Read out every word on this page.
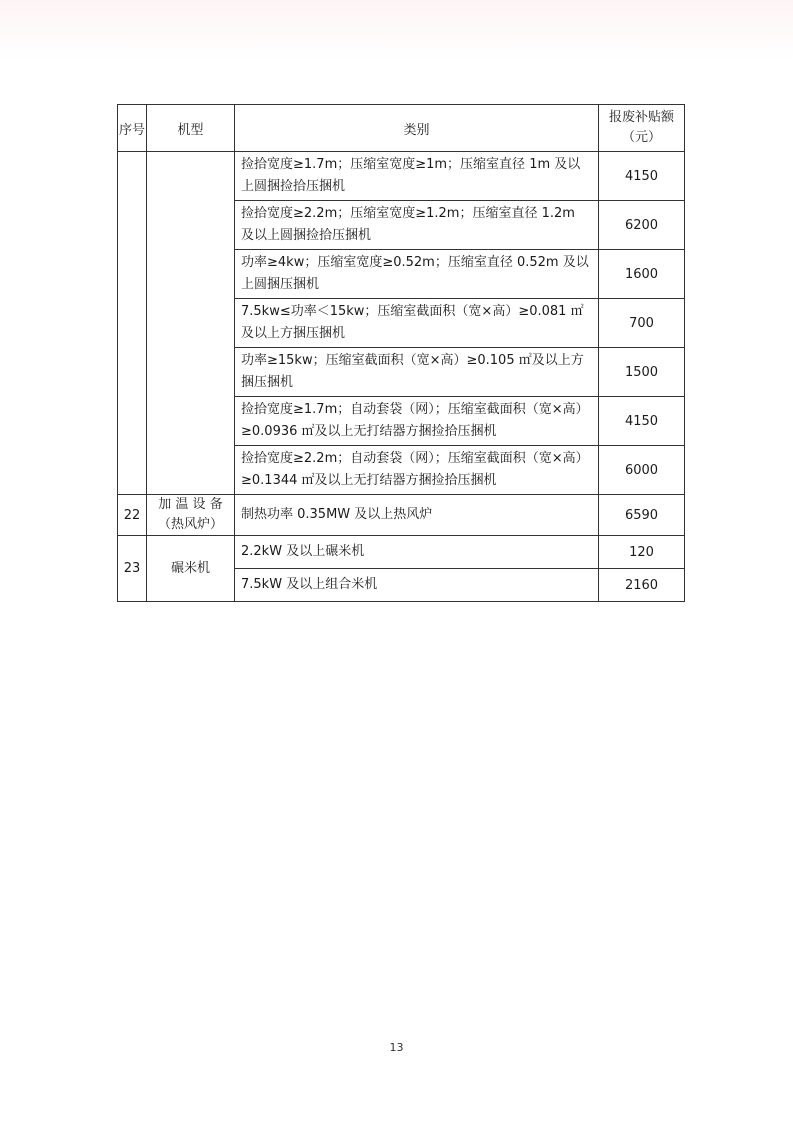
序号	机型	类别	报废补贴额
（元）

		捡拾宽度≥1.7m；压缩室宽度≥1m；压缩室直径 1m 及以上圆捆捡拾压捆机	4150
		捡拾宽度≥2.2m；压缩室宽度≥1.2m；压缩室直径 1.2m 及以上圆捆捡拾压捆机	6200
		功率≥4kw；压缩室宽度≥0.52m；压缩室直径 0.52m 及以上圆捆压捆机	1600
		7.5kw≤功率＜15kw；压缩室截面积（宽×高）≥0.081 ㎡及以上方捆压捆机	700
		功率≥15kw；压缩室截面积（宽×高）≥0.105 ㎡及以上方捆压捆机	1500
		捡拾宽度≥1.7m；自动套袋（网）；压缩室截面积（宽×高）≥0.0936 ㎡及以上无打结器方捆捡拾压捆机	4150
		捡拾宽度≥2.2m；自动套袋（网）；压缩室截面积（宽×高）≥0.1344 ㎡及以上无打结器方捆捡拾压捆机	6000
22	加 温 设 备
（热风炉）	制热功率 0.35MW 及以上热风炉	6590
23	碾米机	2.2kW 及以上碾米机	120
		7.5kW 及以上组合米机	2160
13
